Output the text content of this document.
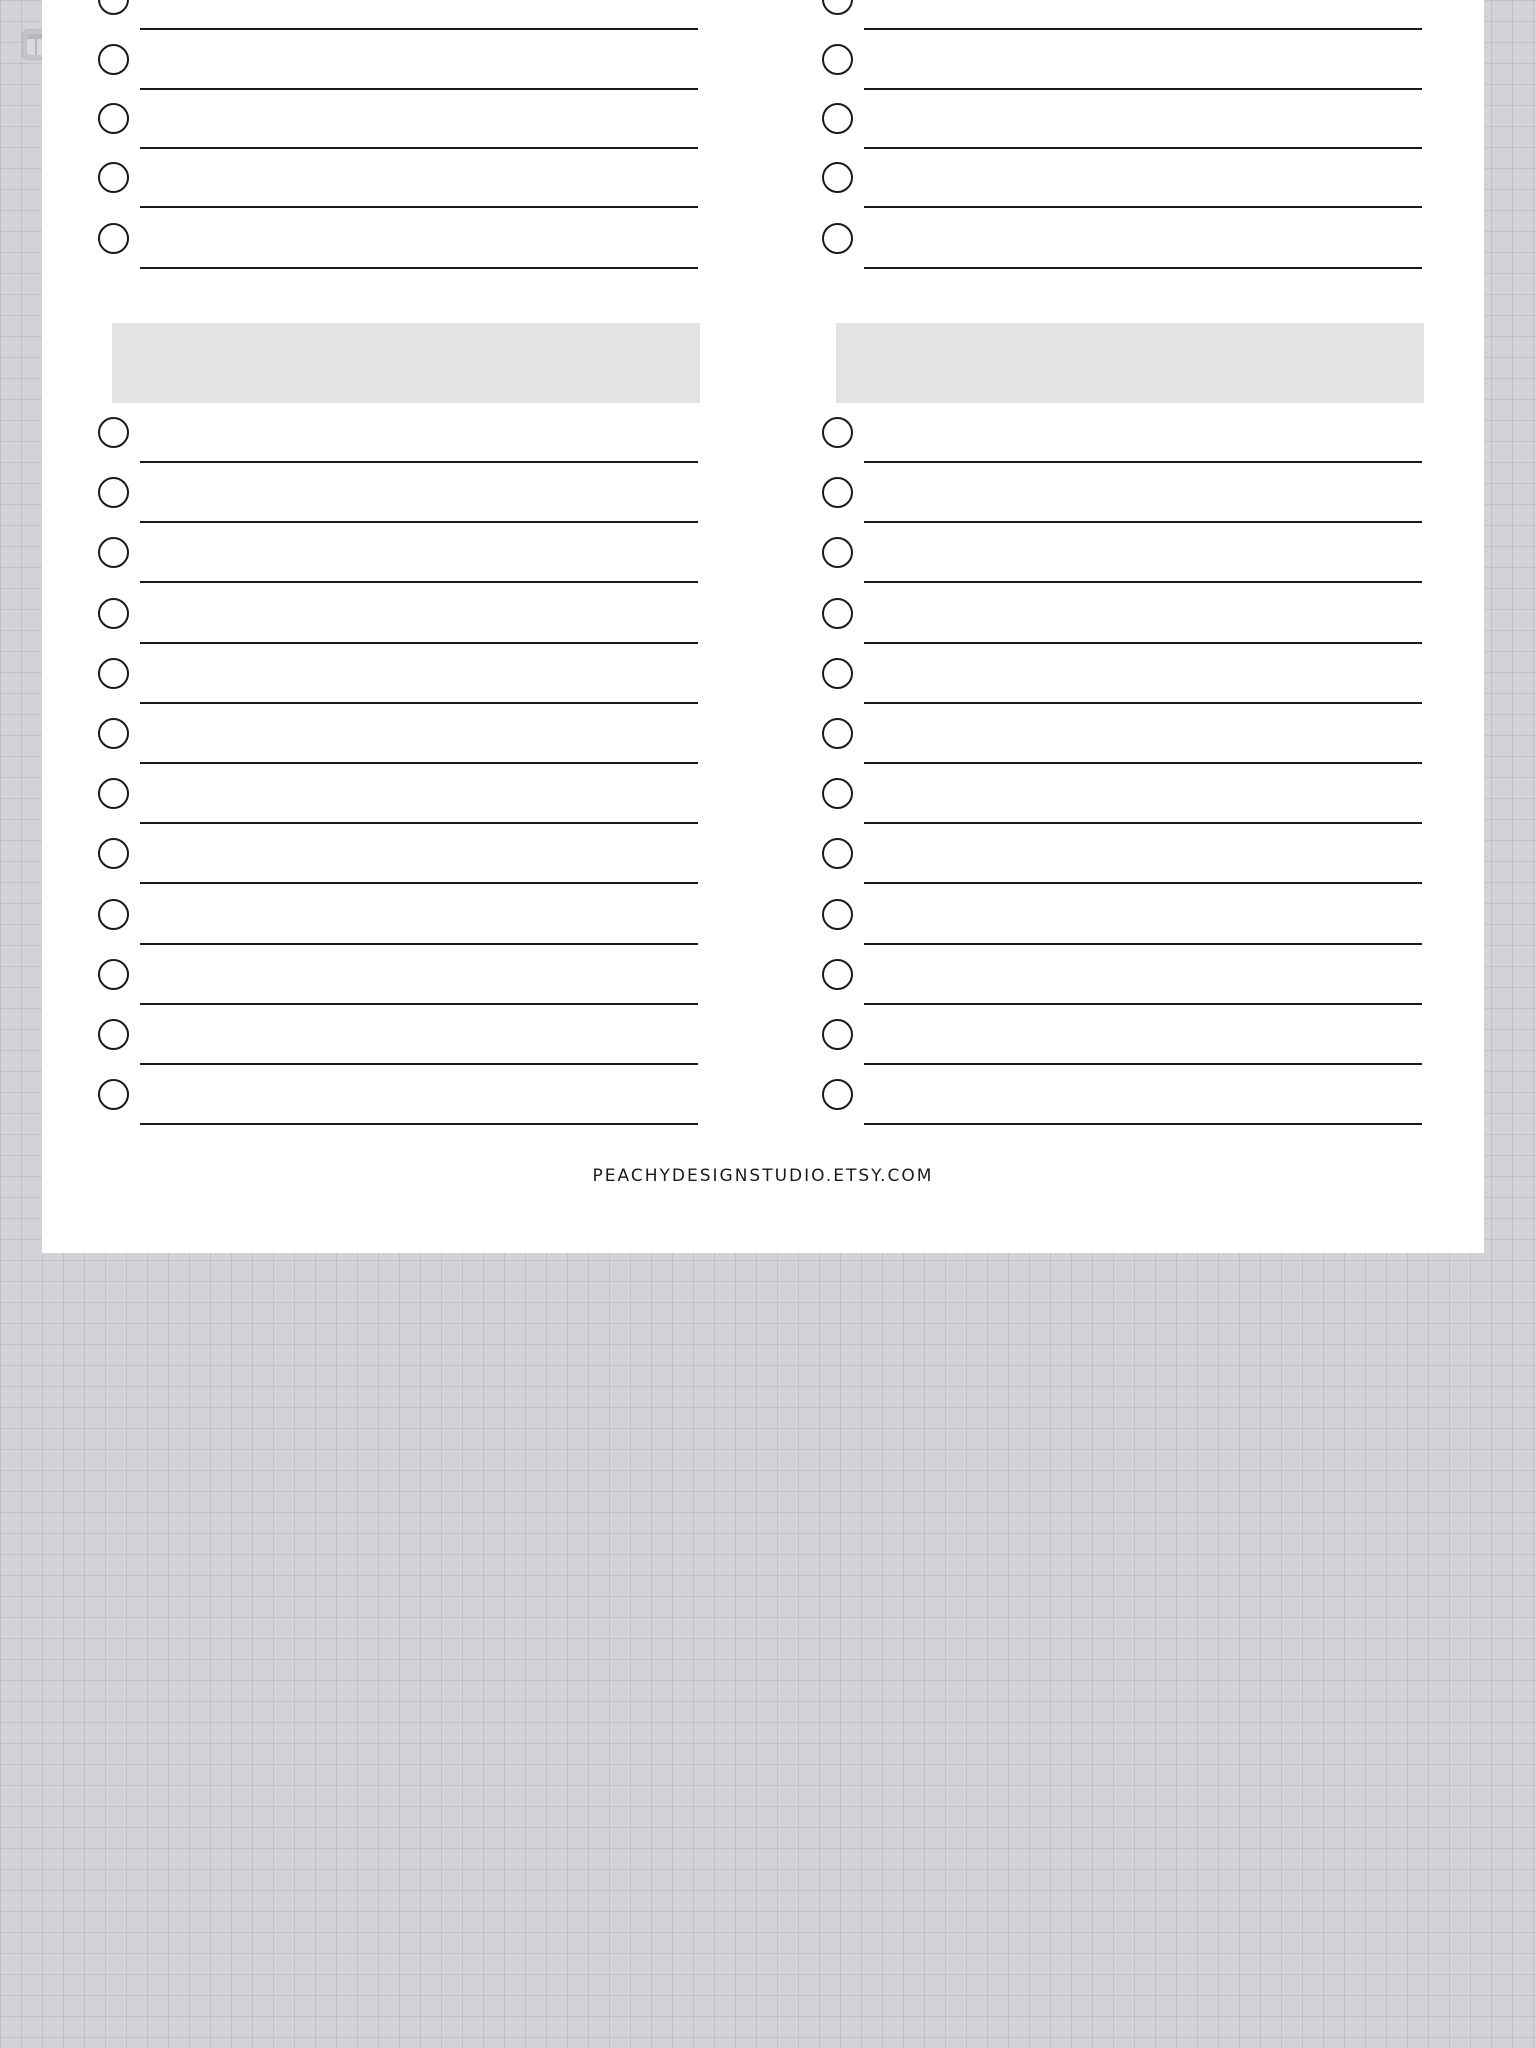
PEACHYDESIGNSTUDIO.ETSY.COM
